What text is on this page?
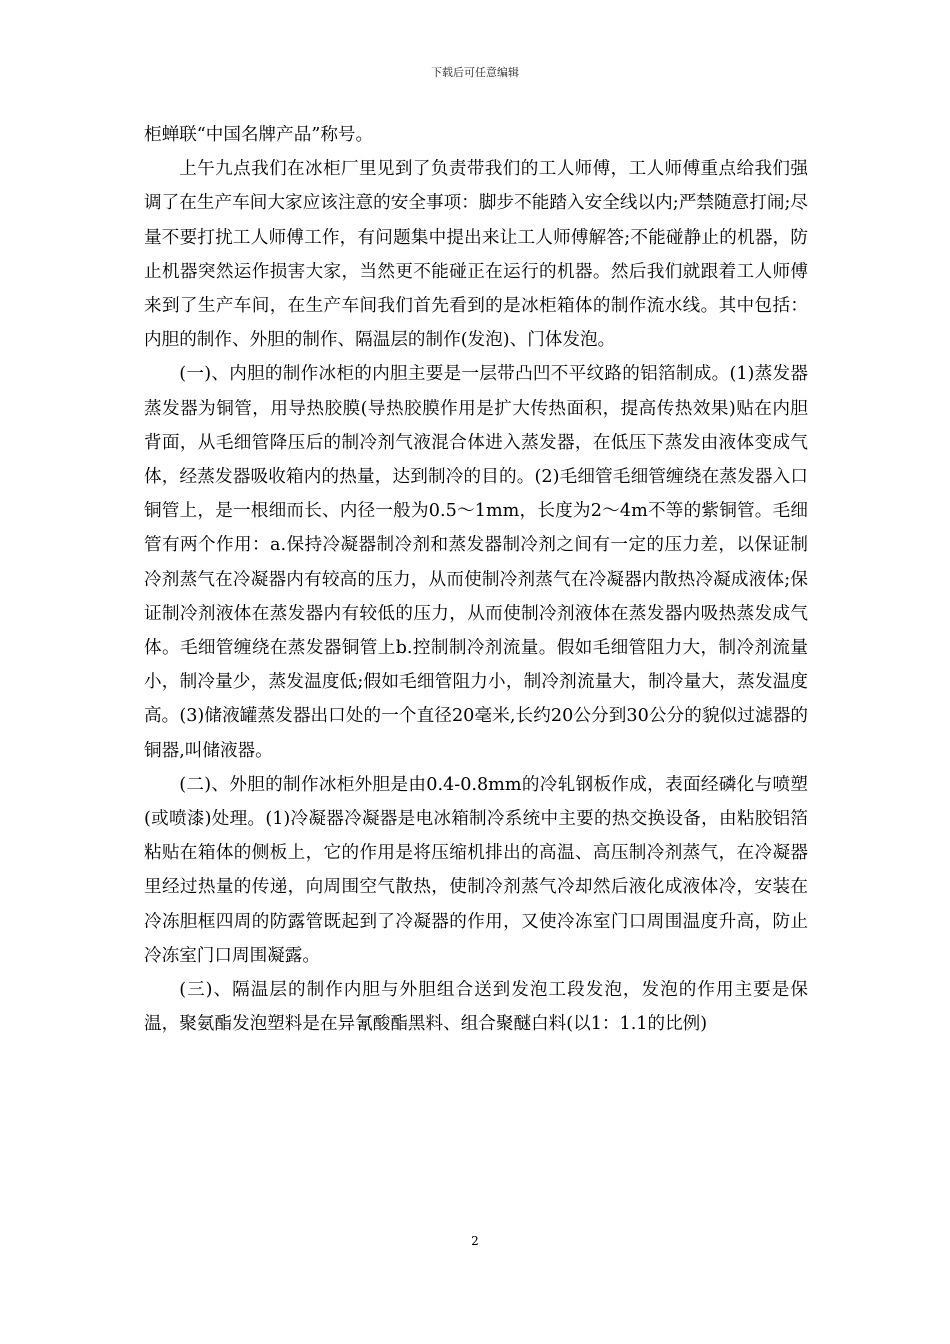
下载后可任意编辑

柜蝉联“中国名牌产品”称号。

上午九点我们在冰柜厂里见到了负责带我们的工人师傅，工人师傅重点给我们强调了在生产车间大家应该注意的安全事项：脚步不能踏入安全线以内;严禁随意打闹;尽量不要打扰工人师傅工作，有问题集中提出来让工人师傅解答;不能碰静止的机器，防止机器突然运作损害大家，当然更不能碰正在运行的机器。然后我们就跟着工人师傅来到了生产车间，在生产车间我们首先看到的是冰柜箱体的制作流水线。其中包括：内胆的制作、外胆的制作、隔温层的制作(发泡)、门体发泡。

(一)、内胆的制作冰柜的内胆主要是一层带凸凹不平纹路的铝箔制成。(1)蒸发器蒸发器为铜管，用导热胶膜(导热胶膜作用是扩大传热面积，提高传热效果)贴在内胆背面，从毛细管降压后的制冷剂气液混合体进入蒸发器，在低压下蒸发由液体变成气体，经蒸发器吸收箱内的热量，达到制冷的目的。(2)毛细管毛细管缠绕在蒸发器入口铜管上，是一根细而长、内径一般为0.5～1mm，长度为2～4m不等的紫铜管。毛细管有两个作用：a.保持冷凝器制冷剂和蒸发器制冷剂之间有一定的压力差，以保证制冷剂蒸气在冷凝器内有较高的压力，从而使制冷剂蒸气在冷凝器内散热冷凝成液体;保证制冷剂液体在蒸发器内有较低的压力，从而使制冷剂液体在蒸发器内吸热蒸发成气体。毛细管缠绕在蒸发器铜管上b.控制制冷剂流量。假如毛细管阻力大，制冷剂流量小，制冷量少，蒸发温度低;假如毛细管阻力小，制冷剂流量大，制冷量大，蒸发温度高。(3)储液罐蒸发器出口处的一个直径20毫米,长约20公分到30公分的貌似过滤器的铜器,叫储液器。

(二)、外胆的制作冰柜外胆是由0.4-0.8mm的冷轧钢板作成，表面经磷化与喷塑(或喷漆)处理。(1)冷凝器冷凝器是电冰箱制冷系统中主要的热交换设备，由粘胶铝箔粘贴在箱体的侧板上，它的作用是将压缩机排出的高温、高压制冷剂蒸气，在冷凝器里经过热量的传递，向周围空气散热，使制冷剂蒸气冷却然后液化成液体冷，安装在冷冻胆框四周的防露管既起到了冷凝器的作用，又使冷冻室门口周围温度升高，防止冷冻室门口周围凝露。

(三)、隔温层的制作内胆与外胆组合送到发泡工段发泡，发泡的作用主要是保温，聚氨酯发泡塑料是在异氰酸酯黑料、组合聚醚白料(以1：1.1的比例)

2
